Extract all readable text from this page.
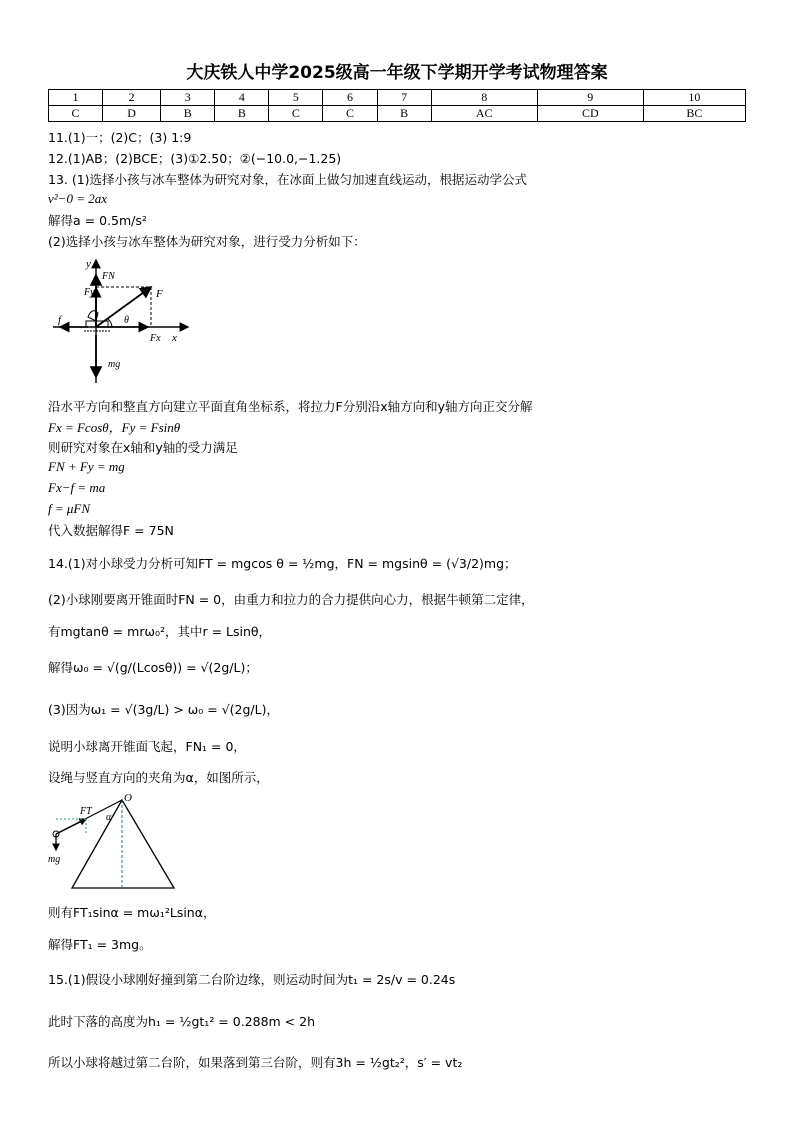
大庆铁人中学2025级高一年级下学期开学考试物理答案
1	2	3	4	5	6	7	8	9	10
C	D	B	B	C	C	B	AC	CD	BC
11.(1)一；(2)C；(3) 1:9
12.(1)AB；(2)BCE；(3)①2.50；②(−10.0,−1.25)
13. (1)选择小孩与冰车整体为研究对象，在冰面上做匀加速直线运动，根据运动学公式
v²−0 = 2ax
解得a = 0.5m/s²
(2)选择小孩与冰车整体为研究对象，进行受力分析如下：
y
FN
Fy	F
f	θ
Fx x
mg
沿水平方向和整直方向建立平面直角坐标系，将拉力F分别沿x轴方向和y轴方向正交分解
Fx = Fcosθ，Fy = Fsinθ
则研究对象在x轴和y轴的受力满足
FN + Fy = mg
Fx−f = ma
f = μFN
代入数据解得F = 75N
14.(1)对小球受力分析可知FT = mgcos θ = ½mg，FN = mgsinθ = (√3/2)mg；
(2)小球刚要离开锥面时FN = 0，由重力和拉力的合力提供向心力，根据牛顿第二定律，
有mgtanθ = mrω₀²，其中r = Lsinθ，
解得ω₀ = √(g/(Lcosθ)) = √(2g/L)；
(3)因为ω₁ = √(3g/L) > ω₀ = √(2g/L)，
说明小球离开锥面飞起，FN₁ = 0，
设绳与竖直方向的夹角为α，如图所示，
O
FT
α
mg
则有FT₁sinα = mω₁²Lsinα，
解得FT₁ = 3mg。
15.(1)假设小球刚好撞到第二台阶边缘，则运动时间为t₁ = 2s/v = 0.24s
此时下落的高度为h₁ = ½gt₁² = 0.288m < 2h
所以小球将越过第二台阶，如果落到第三台阶，则有3h = ½gt₂²，s′ = vt₂
